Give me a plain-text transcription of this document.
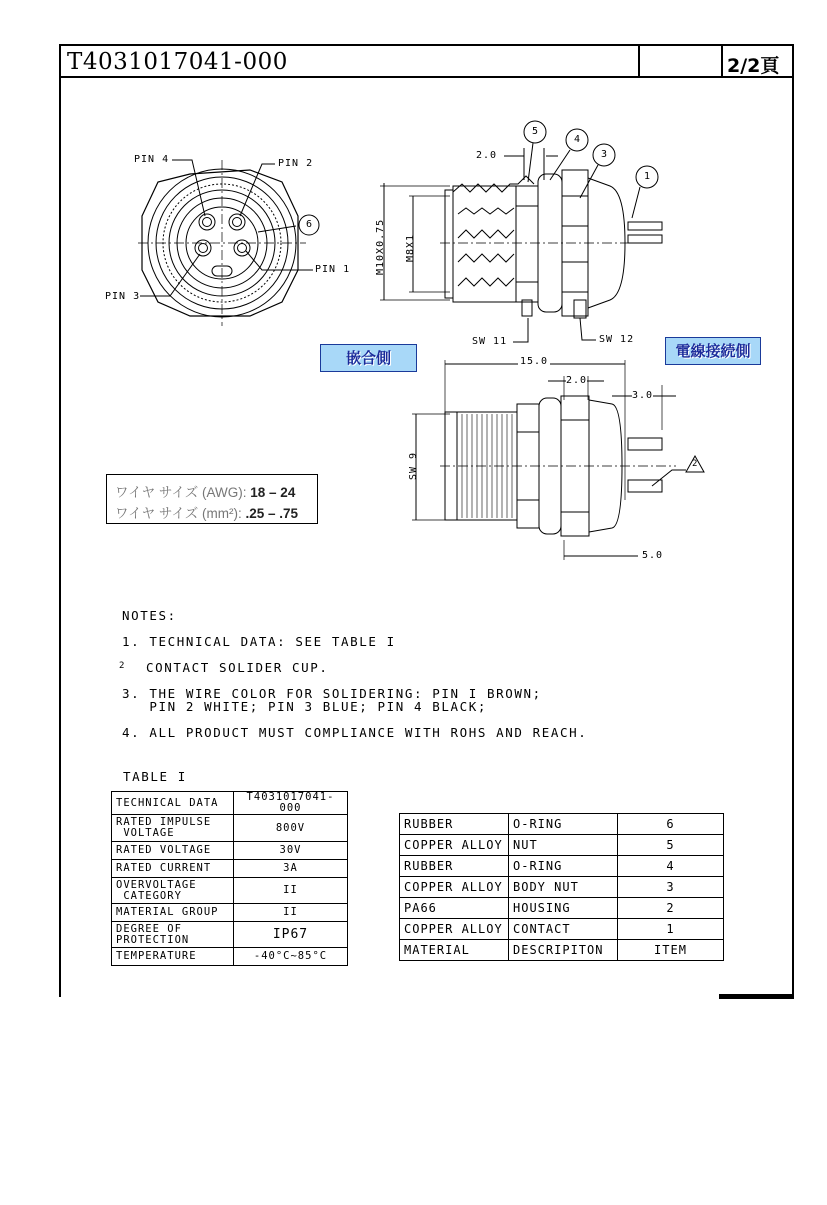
T4031017041-000	2/2頁
PIN 4	PIN 2
PIN 1
PIN 3
6
5
4
3
1
2.0
M10X0.75 M8X1
SW 11	SW 12
嵌合側	電線接続側
15.0
2.0
3.0
SW 9
5.0
2
ワイヤ サイズ (AWG): 18 – 24
ワイヤ サイズ (mm²): .25 – .75
NOTES:
1. TECHNICAL DATA: SEE TABLE I
2 CONTACT SOLIDER CUP.
3. THE WIRE COLOR FOR SOLIDERING: PIN I BROWN;
PIN 2 WHITE; PIN 3 BLUE; PIN 4 BLACK;
4. ALL PRODUCT MUST COMPLIANCE WITH ROHS AND REACH.
TABLE I
TECHNICAL DATA	T4031017041-000
RATED IMPULSE
VOLTAGE	800V
RATED VOLTAGE	30V
RATED CURRENT	3A
OVERVOLTAGE
CATEGORY	II
MATERIAL GROUP	II
DEGREE OF
PROTECTION	IP67
TEMPERATURE	-40°C~85°C
RUBBER	O-RING	6
COPPER ALLOY	NUT	5
RUBBER	O-RING	4
COPPER ALLOY	BODY NUT	3
PA66	HOUSING	2
COPPER ALLOY	CONTACT	1
MATERIAL	DESCRIPITON	ITEM
